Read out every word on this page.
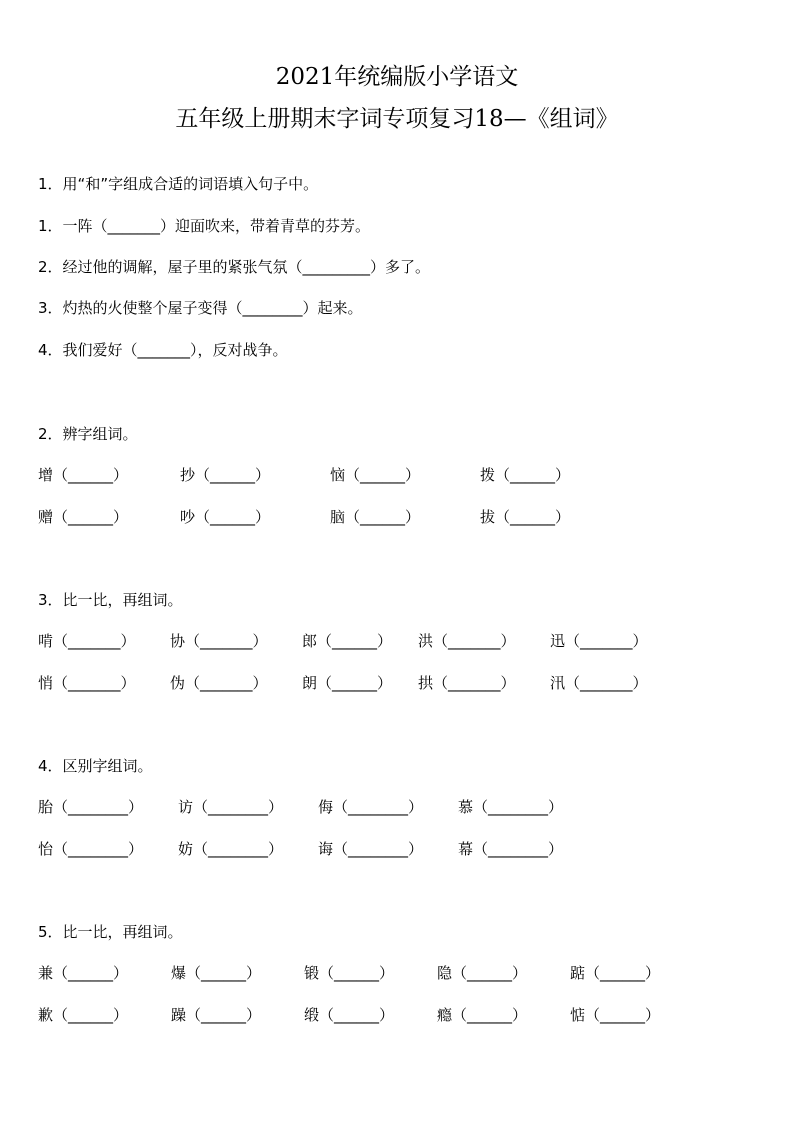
2021年统编版小学语文
五年级上册期末字词专项复习18—《组词》
1．用“和”字组成合适的词语填入句子中。
1．一阵（_______）迎面吹来，带着青草的芬芳。
2．经过他的调解，屋子里的紧张气氛（_________）多了。
3．灼热的火使整个屋子变得（________）起来。
4．我们爱好（_______），反对战争。
2．辨字组词。
增（______）	抄（______）	恼（______）	拨（______）
赠（______）	吵（______）	脑（______）	拔（______）
3．比一比，再组词。
啃（_______） 协（_______） 郎（______） 洪（_______） 迅（_______）
悄（_______） 伪（_______） 朗（______） 拱（_______） 汛（_______）
4．区别字组词。
胎（________） 访（________） 侮（________） 慕（________）
怡（________） 妨（________） 诲（________） 幕（________）
5．比一比，再组词。
兼（______）	爆（______）	锻（______）	隐（______）	踮（______）
歉（______）	躁（______）	缎（______）	瘾（______）	惦（______）
